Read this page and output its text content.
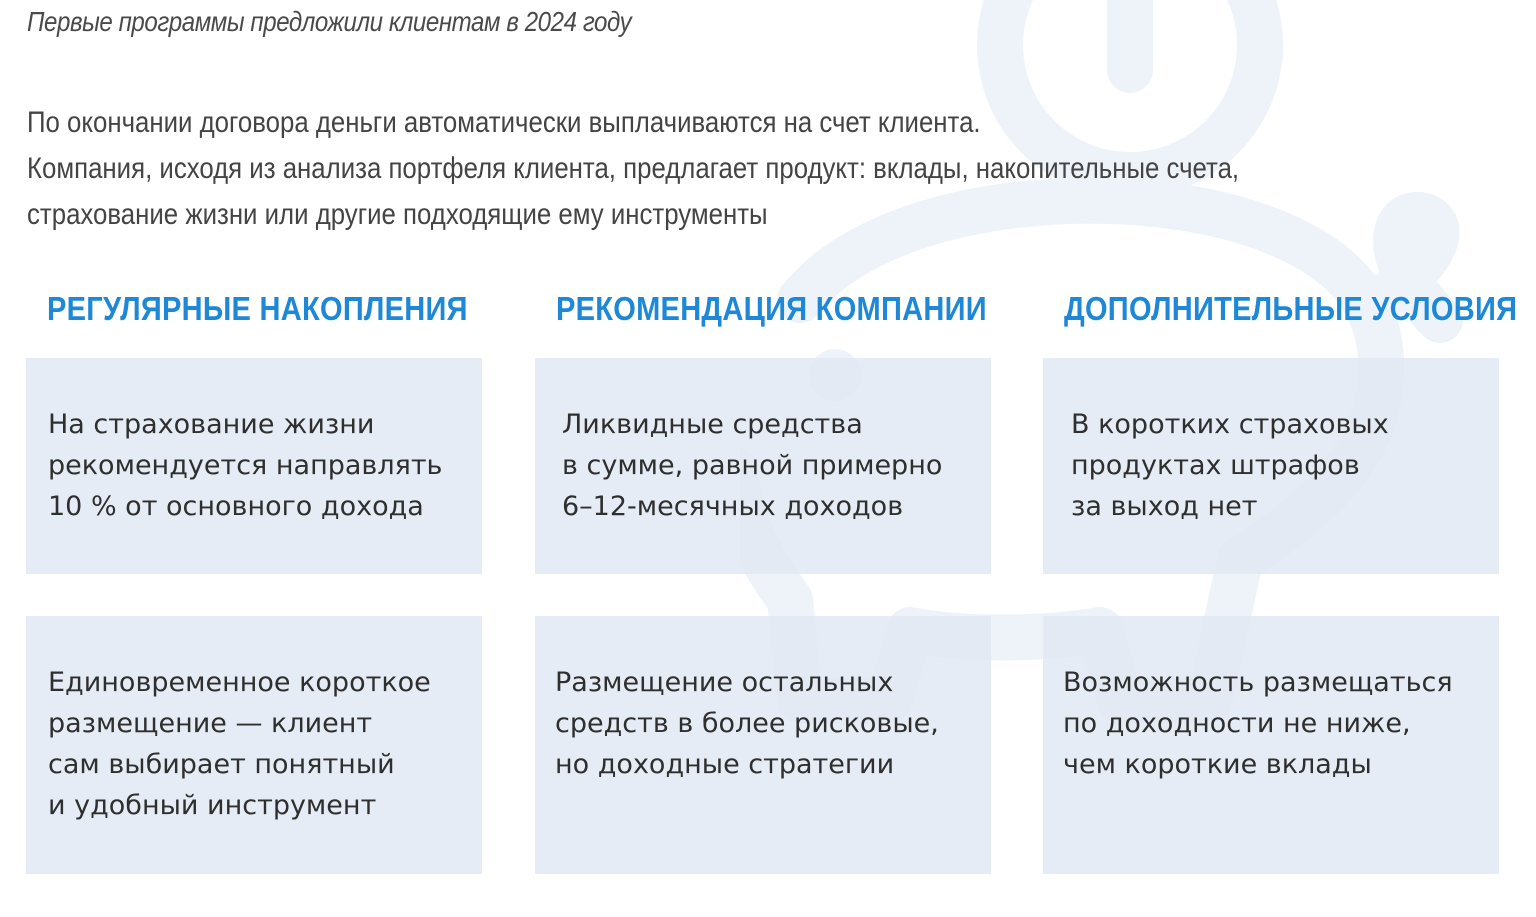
Первые программы предложили клиентам в 2024 году
По окончании договора деньги автоматически выплачиваются на счет клиента.
Компания, исходя из анализа портфеля клиента, предлагает продукт: вклады, накопительные счета,
страхование жизни или другие подходящие ему инструменты
РЕГУЛЯРНЫЕ НАКОПЛЕНИЯ	РЕКОМЕНДАЦИЯ КОМПАНИИ ДОПОЛНИТЕЛЬНЫЕ УСЛОВИЯ
На страхование жизни
рекомендуется направлять
10 % от основного дохода
Ликвидные средства
в сумме, равной примерно
6–12-месячных доходов
В коротких страховых
продуктах штрафов
за выход нет
Единовременное короткое
размещение — клиент
сам выбирает понятный
и удобный инструмент
Размещение остальных
средств в более рисковые,
но доходные стратегии
Возможность размещаться
по доходности не ниже,
чем короткие вклады
